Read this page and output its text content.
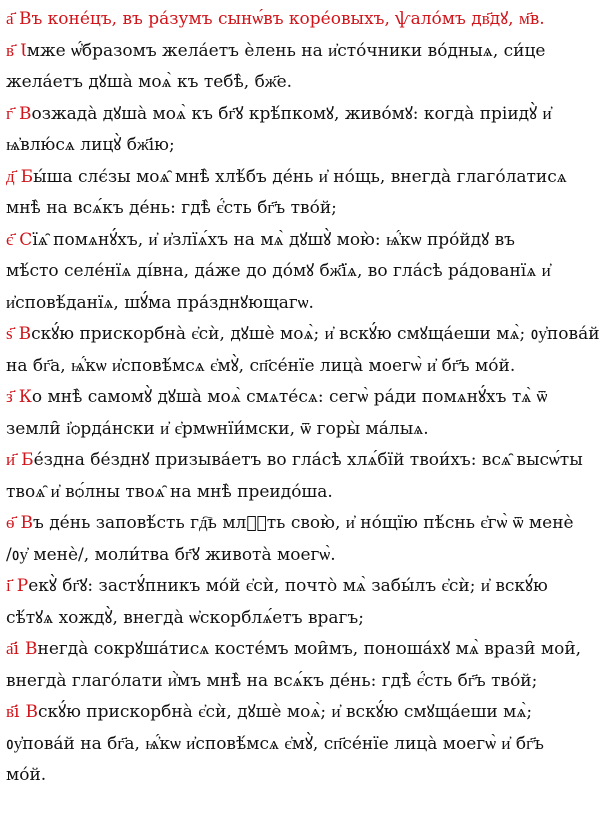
а҃ Въ коне́цъ, въ ра́зумъ сынѡ́въ коре́овыхъ, ѱало́мъ дв҃дꙋ, м҃в.
в҃ Ꙇмже ѡ҆́бразомъ жела́етъ ѐлень на и҆сто́чники во́дныѧ, си́це
жела́етъ дꙋша̀ моѧ̀ къ тебѣ̀, бж҃е.
г҃ Возжада̀ дꙋша̀ моѧ̀ къ бг҃ꙋ крѣ́пкомꙋ, живо́мꙋ: когда̀ пріидꙋ̀ и҆
ѩ҆влю́сѧ лицꙋ̀ бж҃ію;
д҃ Бы́ша слє́зы моѧ̑ мнѣ̀ хлѣ́бъ де́нь и҆ но́щь, внегда̀ глаго́латисѧ
мнѣ̀ на всѧ́къ де́нь: гдѣ̀ є҆́сть бг҃ъ тво́й;
є҃ Сїѧ̑ помѧнꙋ́хъ, и҆ и҆злїѧ́хъ на мѧ̀ дꙋшꙋ̀ мою̀: ѩ҆́кѡ про́йдꙋ въ
мѣ́сто селе́нїѧ ді́вна, да́же до до́мꙋ бж҃їѧ, во гла́сѣ ра́дованїѧ и҆
и҆сповѣ́данїѧ, шꙋ́ма пра́зднꙋющагѡ.
ѕ҃ Вскꙋ́ю прискорбна̀ є҆сѝ, дꙋшѐ моѧ̀; и҆ вскꙋ́ю смꙋща́еши мѧ̀; ᲂу҆пова́й
на бг҃а, ѩ҆́кѡ и҆сповѣ́мсѧ є҆мꙋ̀, сп҃се́нїе лица̀ моегѡ̀ и҆ бг҃ъ мо́й.
з҃ Ко мнѣ̀ самомꙋ̀ дꙋша̀ моѧ̀ смѧте́сѧ: сегѡ̀ ра́ди помѧнꙋ́хъ тѧ̀ ѿ
земли̑ і҆ѻрда́нски и҆ є҆рмѡнїи́мски, ѿ горы̀ ма́лыѧ.
и҃ Бе́здна бе́зднꙋ призыва́етъ во гла́сѣ хлѧ́бїй твои́хъ: всѧ̑ высѡ́ты
твоѧ̑ и҆ вѻ́лны твоѧ̑ на мнѣ̀ преидо́ша.
ѳ҃ Въ де́нь заповѣ́сть гд҇ь млⷭ҇ть свою̀, и҆ но́щїю пѣ́снь є҆гѡ̀ ѿ менѐ
/ᲂу҆ менѐ/, моли́тва бг҃ꙋ живота̀ моегѡ̀.
і҃ Рекꙋ̀ бг҃ꙋ: застꙋ́пникъ мо́й є҆сѝ, почто̀ мѧ̀ забы́лъ є҆сѝ; и҆ вскꙋ́ю
сѣ́тꙋѧ хождꙋ̀, внегда̀ ѡ҆скорблѧ́етъ врагъ;
а҃і Внегда̀ сокрꙋша́тисѧ косте́мъ мои̑мъ, поноша́хꙋ мѧ̀ врази̑ мои̑,
внегда̀ глаго́лати и҆̀мъ мнѣ̀ на всѧ́къ де́нь: гдѣ̀ є҆́сть бг҃ъ тво́й;
в҃і Вскꙋ́ю прискорбна̀ є҆сѝ, дꙋшѐ моѧ̀; и҆ вскꙋ́ю смꙋща́еши мѧ̀;
ᲂу҆пова́й на бг҃а, ѩ҆́кѡ и҆сповѣ́мсѧ є҆мꙋ̀, сп҃се́нїе лица̀ моегѡ̀ и҆ бг҃ъ
мо́й.
